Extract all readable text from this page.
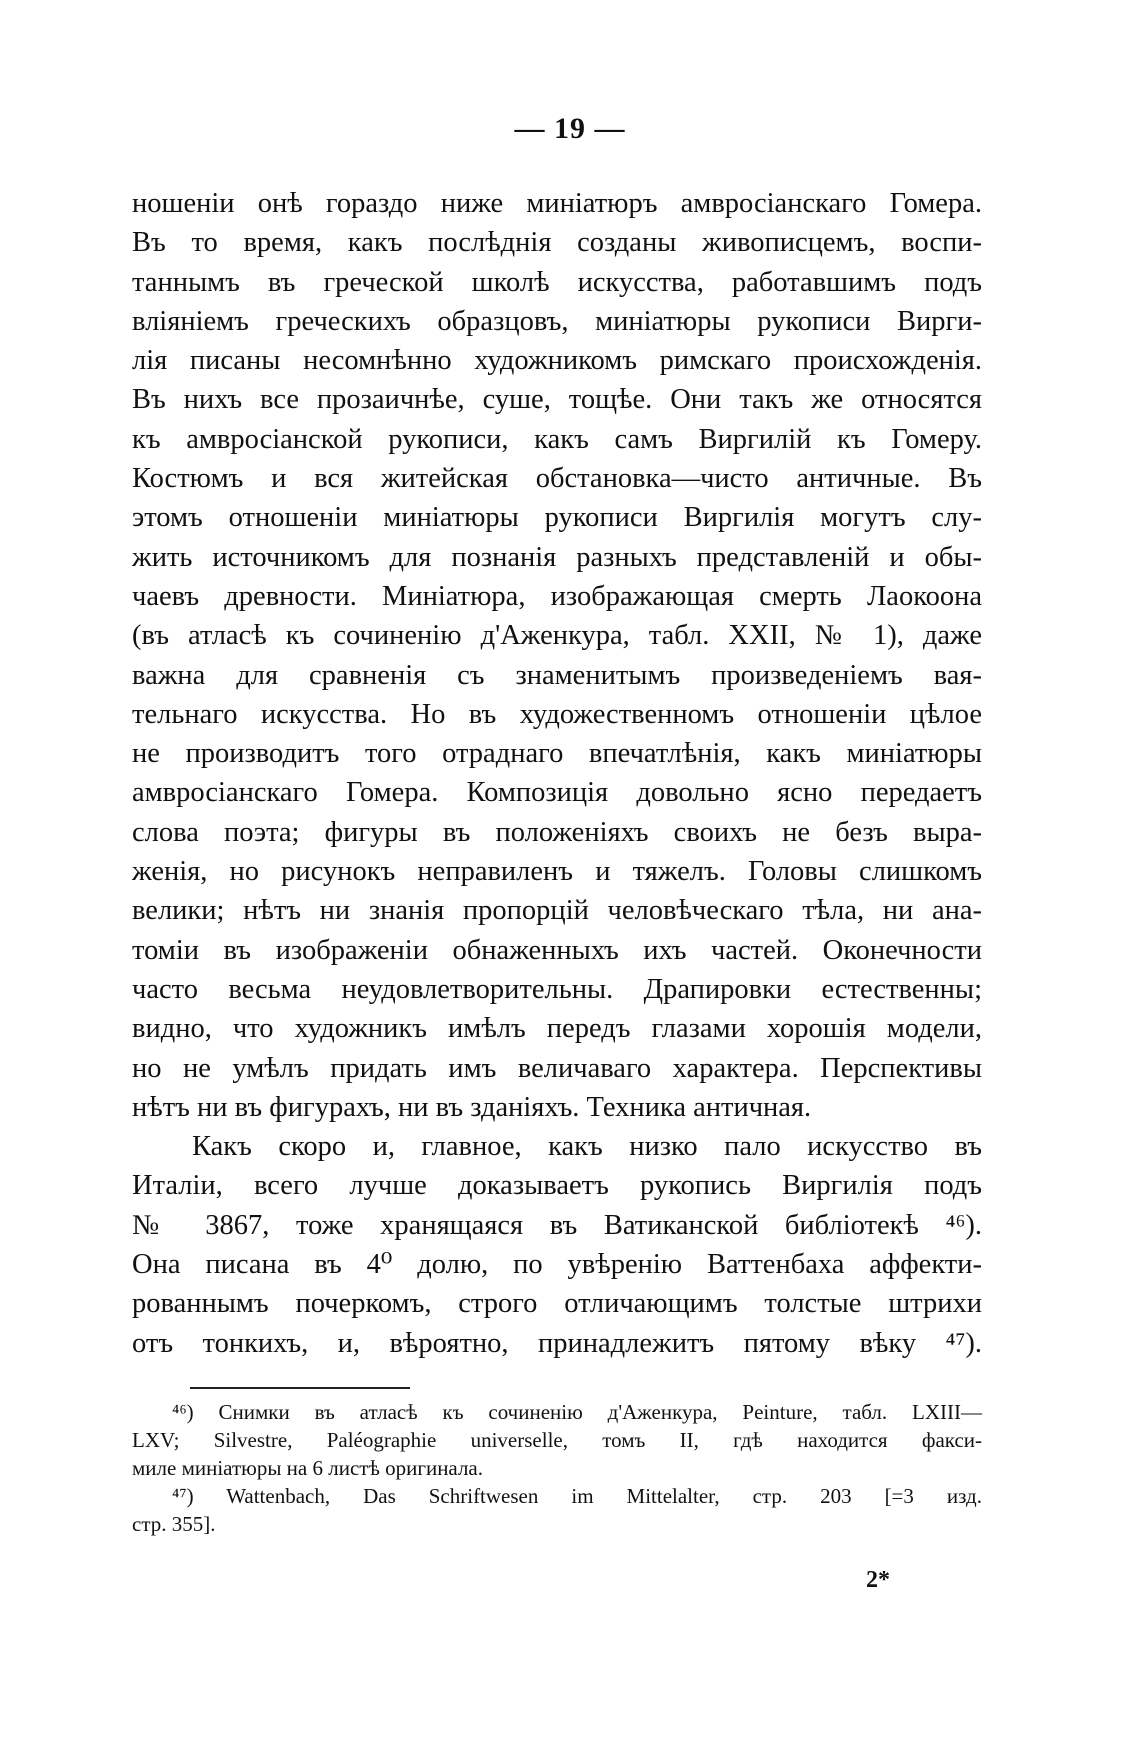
— 19 —
ношеніи онѣ гораздо ниже миніатюръ амвросіанскаго Гомера.
Въ то время, какъ послѣднія созданы живописцемъ, воспи-
таннымъ въ греческой школѣ искусства, работавшимъ подъ
вліяніемъ греческихъ образцовъ, миніатюры рукописи Вирги-
лія писаны несомнѣнно художникомъ римскаго происхожденія.
Въ нихъ все прозаичнѣе, суше, тощѣе. Они такъ же относятся
къ амвросіанской рукописи, какъ самъ Виргилій къ Гомеру.
Костюмъ и вся житейская обстановка—чисто античные. Въ
этомъ отношеніи миніатюры рукописи Виргилія могутъ слу-
жить источникомъ для познанія разныхъ представленій и обы-
чаевъ древности. Миніатюра, изображающая смерть Лаокоона
(въ атласѣ къ сочиненію д'Аженкура, табл. XXII, № 1), даже
важна для сравненія съ знаменитымъ произведеніемъ вая-
тельнаго искусства. Но въ художественномъ отношеніи цѣлое
не производитъ того отраднаго впечатлѣнія, какъ миніатюры
амвросіанскаго Гомера. Композиція довольно ясно передаетъ
слова поэта; фигуры въ положеніяхъ своихъ не безъ выра-
женія, но рисунокъ неправиленъ и тяжелъ. Головы слишкомъ
велики; нѣтъ ни знанія пропорцій человѣческаго тѣла, ни ана-
томіи въ изображеніи обнаженныхъ ихъ частей. Оконечности
часто весьма неудовлетворительны. Драпировки естественны;
видно, что художникъ имѣлъ передъ глазами хорошія модели,
но не умѣлъ придать имъ величаваго характера. Перспективы
нѣтъ ни въ фигурахъ, ни въ зданіяхъ. Техника античная.
Какъ скоро и, главное, какъ низко пало искусство въ
Италіи, всего лучше доказываетъ рукопись Виргилія подъ
№ 3867, тоже хранящаяся въ Ватиканской библіотекѣ ⁴⁶).
Она писана въ 4⁰ долю, по увѣренію Ваттенбаха аффекти-
рованнымъ почеркомъ, строго отличающимъ толстые штрихи
отъ тонкихъ, и, вѣроятно, принадлежитъ пятому вѣку ⁴⁷).
⁴⁶) Снимки въ атласѣ къ сочиненію д'Аженкура, Peinture, табл. LXIII—
LXV; Silvestre, Paléographie universelle, томъ II, гдѣ находится факси-
миле миніатюры на 6 листѣ оригинала.
⁴⁷) Wattenbach, Das Schriftwesen im Mittelalter, стр. 203 [=3 изд.
стр. 355].
2*
